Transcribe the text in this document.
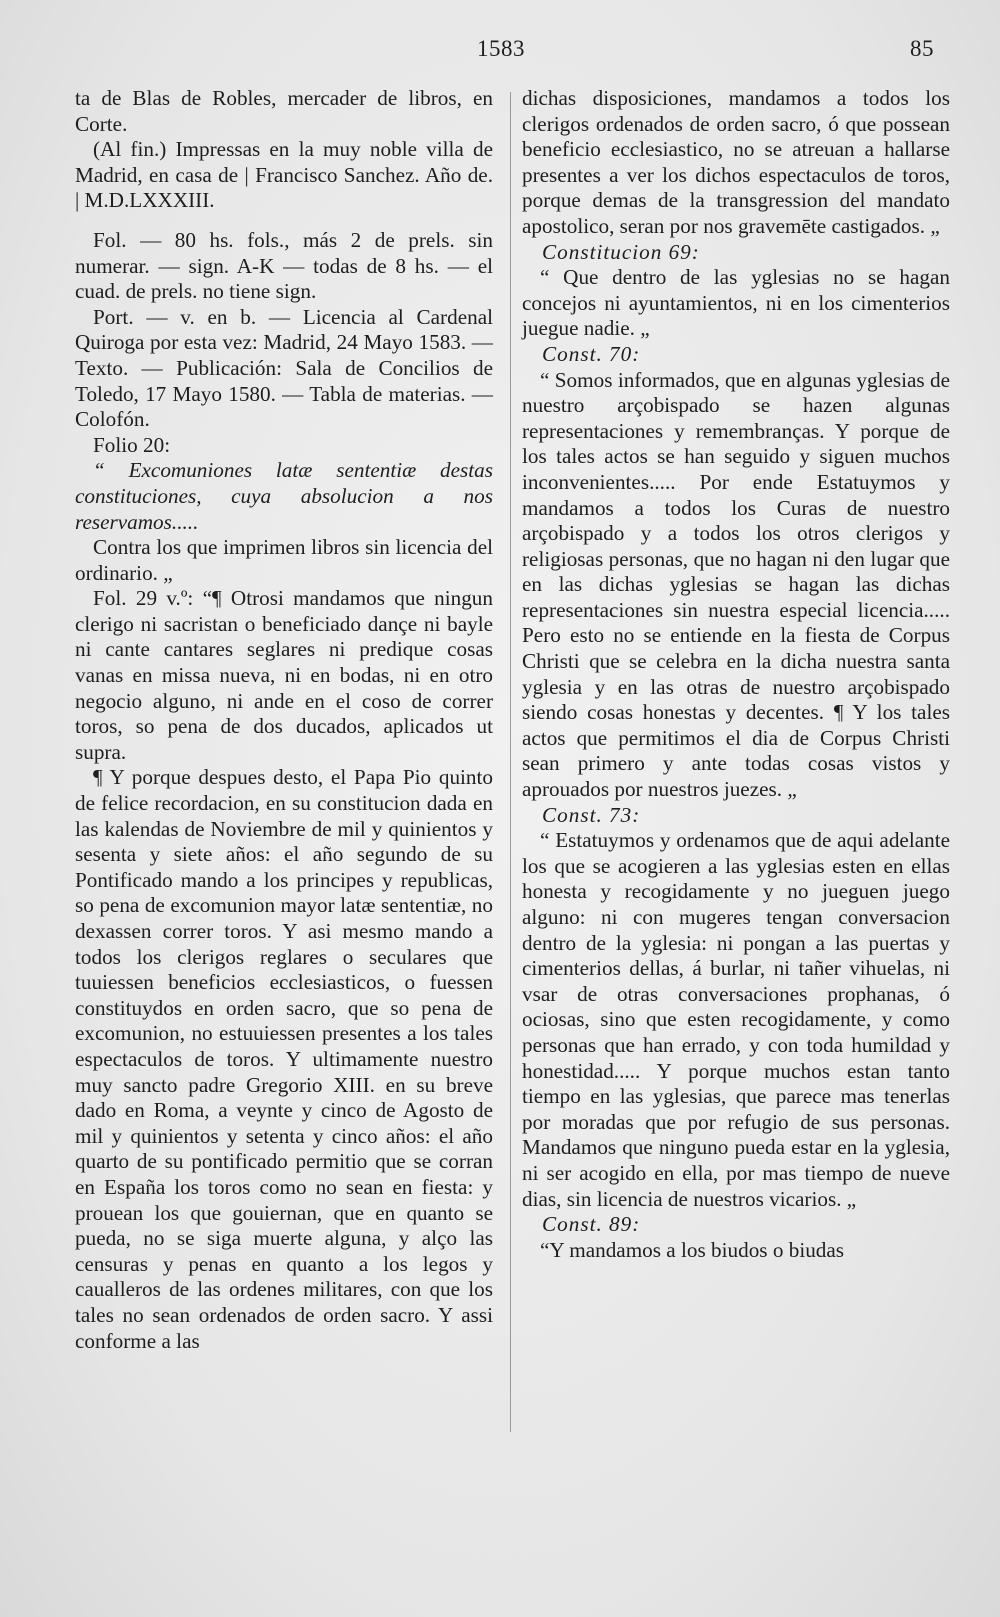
1583	85

ta de Blas de Robles, mercader de libros, en Corte.

(Al fin.) Impressas en la muy noble villa de Madrid, en casa de | Francisco Sanchez. Año de. | M.D.LXXXIII.

Fol. — 80 hs. fols., más 2 de prels. sin numerar. — sign. A-K — todas de 8 hs. — el cuad. de prels. no tiene sign.

Port. — v. en b. — Licencia al Cardenal Quiroga por esta vez: Madrid, 24 Mayo 1583. — Texto. — Publicación: Sala de Concilios de Toledo, 17 Mayo 1580. — Tabla de materias. — Colofón.

Folio 20:

“ Excomuniones latæ sententiæ destas constituciones, cuya absolucion a nos reservamos.....

Contra los que imprimen libros sin licencia del ordinario. „

Fol. 29 v.º: “¶ Otrosi mandamos que ningun clerigo ni sacristan o beneficiado dançe ni bayle ni cante cantares seglares ni predique cosas vanas en missa nueva, ni en bodas, ni en otro negocio alguno, ni ande en el coso de correr toros, so pena de dos ducados, aplicados ut supra.

¶ Y porque despues desto, el Papa Pio quinto de felice recordacion, en su constitucion dada en las kalendas de Noviembre de mil y quinientos y sesenta y siete años: el año segundo de su Pontificado mando a los principes y republicas, so pena de excomunion mayor latæ sententiæ, no dexassen correr toros. Y asi mesmo mando a todos los clerigos reglares o seculares que tuuiessen beneficios ecclesiasticos, o fuessen constituydos en orden sacro, que so pena de excomunion, no estuuiessen presentes a los tales espectaculos de toros. Y ultimamente nuestro muy sancto padre Gregorio XIII. en su breve dado en Roma, a veynte y cinco de Agosto de mil y quinientos y setenta y cinco años: el año quarto de su pontificado permitio que se corran en España los toros como no sean en fiesta: y prouean los que gouiernan, que en quanto se pueda, no se siga muerte alguna, y alço las censuras y penas en quanto a los legos y caualleros de las ordenes militares, con que los tales no sean ordenados de orden sacro. Y assi conforme a las

dichas disposiciones, mandamos a todos los clerigos ordenados de orden sacro, ó que possean beneficio ecclesiastico, no se atreuan a hallarse presentes a ver los dichos espectaculos de toros, porque demas de la transgression del mandato apostolico, seran por nos gravemēte castigados. „

Constitucion 69:

“ Que dentro de las yglesias no se hagan concejos ni ayuntamientos, ni en los cimenterios juegue nadie. „

Const. 70:

“ Somos informados, que en algunas yglesias de nuestro arçobispado se hazen algunas representaciones y remembranças. Y porque de los tales actos se han seguido y siguen muchos inconvenientes..... Por ende Estatuymos y mandamos a todos los Curas de nuestro arçobispado y a todos los otros clerigos y religiosas personas, que no hagan ni den lugar que en las dichas yglesias se hagan las dichas representaciones sin nuestra especial licencia..... Pero esto no se entiende en la fiesta de Corpus Christi que se celebra en la dicha nuestra santa yglesia y en las otras de nuestro arçobispado siendo cosas honestas y decentes. ¶ Y los tales actos que permitimos el dia de Corpus Christi sean primero y ante todas cosas vistos y aprouados por nuestros juezes. „

Const. 73:

“ Estatuymos y ordenamos que de aqui adelante los que se acogieren a las yglesias esten en ellas honesta y recogidamente y no jueguen juego alguno: ni con mugeres tengan conversacion dentro de la yglesia: ni pongan a las puertas y cimenterios dellas, á burlar, ni tañer vihuelas, ni vsar de otras conversaciones prophanas, ó ociosas, sino que esten recogidamente, y como personas que han errado, y con toda humildad y honestidad..... Y porque muchos estan tanto tiempo en las yglesias, que parece mas tenerlas por moradas que por refugio de sus personas. Mandamos que ninguno pueda estar en la yglesia, ni ser acogido en ella, por mas tiempo de nueve dias, sin licencia de nuestros vicarios. „

Const. 89:

“Y mandamos a los biudos o biudas
